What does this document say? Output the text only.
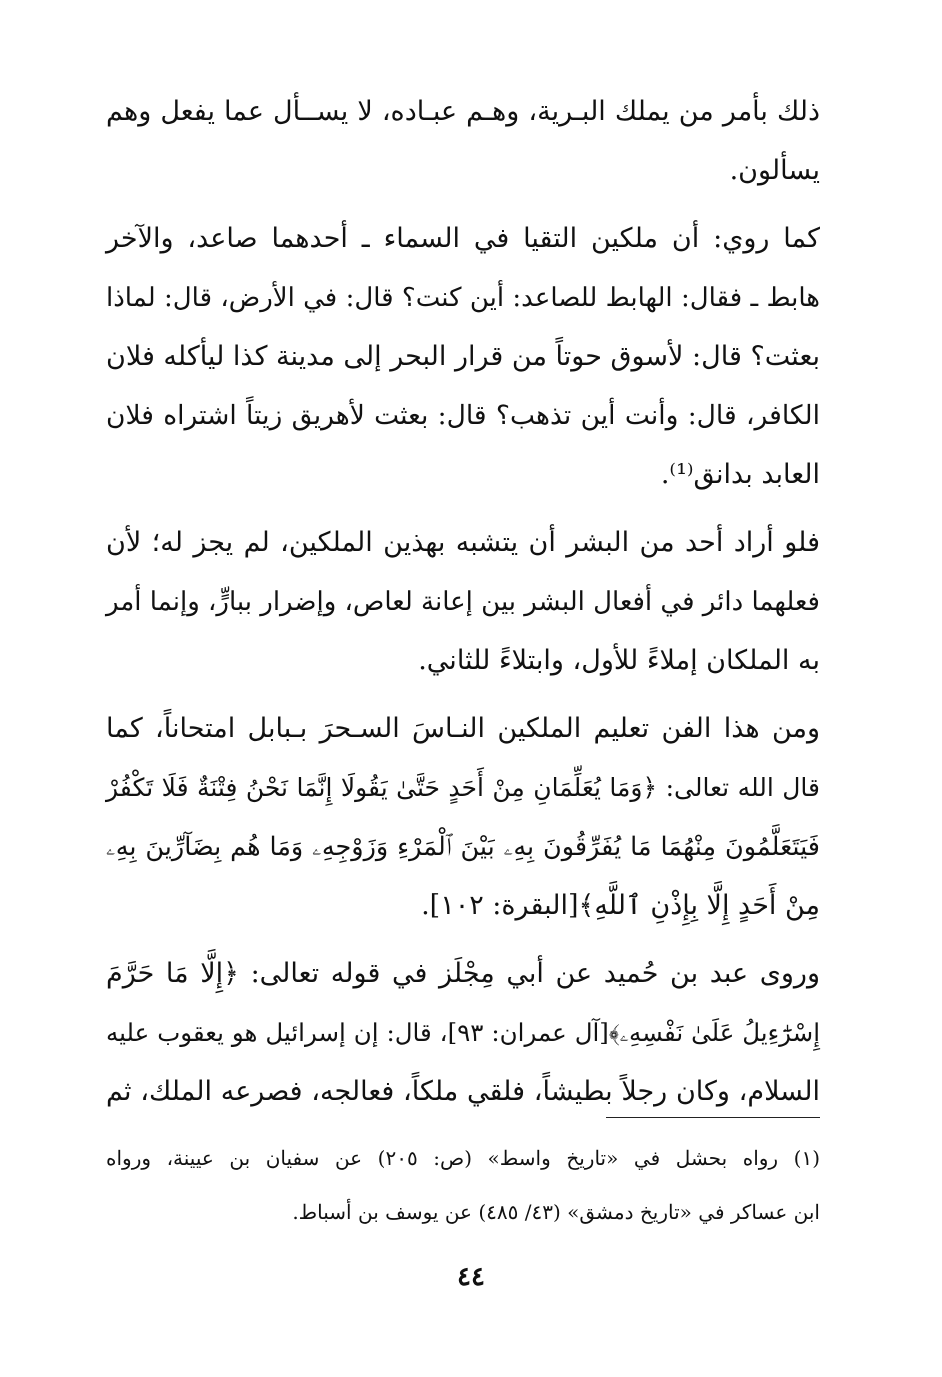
ذلك بأمر من يملك البـرية، وهـم عبـاده، لا يســأل عما يفعل وهم
يسألون.
كما روي: أن ملكين التقيا في السماء ـ أحدهما صاعد، والآخر
هابط ـ فقال: الهابط للصاعد: أين كنت؟ قال: في الأرض، قال: لماذا
بعثت؟ قال: لأسوق حوتاً من قرار البحر إلى مدينة كذا ليأكله فلان
الكافر، قال: وأنت أين تذهب؟ قال: بعثت لأهريق زيتاً اشتراه فلان
العابد بدانق⁽¹⁾.
فلو أراد أحد من البشر أن يتشبه بهذين الملكين، لم يجز له؛ لأن
فعلهما دائر في أفعال البشر بين إعانة لعاص، وإضرار ببارٍّ، وإنما أمر
به الملكان إملاءً للأول، وابتلاءً للثاني.
ومن هذا الفن تعليم الملكين النـاسَ السـحرَ بـبابل امتحاناً، كما
قال الله تعالى: ﴿وَمَا يُعَلِّمَانِ مِنْ أَحَدٍ حَتَّىٰ يَقُولَا إِنَّمَا نَحْنُ فِتْنَةٌ فَلَا تَكْفُرْ
فَيَتَعَلَّمُونَ مِنْهُمَا مَا يُفَرِّقُونَ بِهِۦ بَيْنَ ٱلْمَرْءِ وَزَوْجِهِۦ وَمَا هُم بِضَآرِّينَ بِهِۦ
مِنْ أَحَدٍ إِلَّا بِإِذْنِ ٱللَّهِ﴾[البقرة: ١٠٢].
وروى عبد بن حُميد عن أبي مِجْلَز في قوله تعالى: ﴿إِلَّا مَا حَرَّمَ
إِسْرَٰٓءِيلُ عَلَىٰ نَفْسِهِۦ﴾[آل عمران: ٩٣]، قال: إن إسرائيل هو يعقوب عليه
السلام، وكان رجلاً بطيشاً، فلقي ملكاً، فعالجه، فصرعه الملك، ثم
(١) رواه بحشل في «تاريخ واسط» (ص: ٢٠٥) عن سفيان بن عيينة، ورواه
ابن عساكر في «تاريخ دمشق» (٤٣/ ٤٨٥) عن يوسف بن أسباط.
٤٤
